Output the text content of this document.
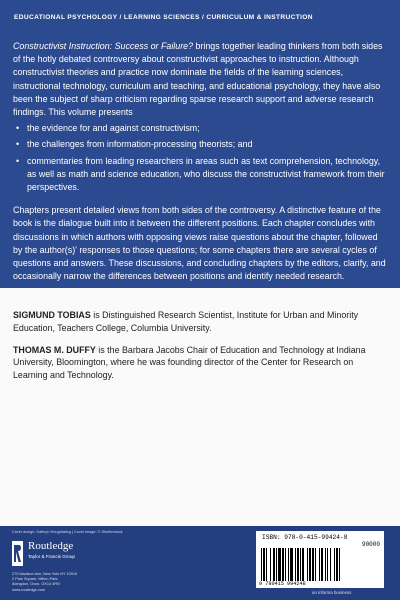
EDUCATIONAL PSYCHOLOGY / LEARNING SCIENCES / CURRICULUM & INSTRUCTION

Constructivist Instruction: Success or Failure? brings together leading thinkers from both sides of the hotly debated controversy about constructivist approaches to instruction. Although constructivist theories and practice now dominate the fields of the learning sciences, instructional technology, curriculum and teaching, and educational psychology, they have also been the subject of sharp criticism regarding sparse research support and adverse research findings. This volume presents

• the evidence for and against constructivism;
• the challenges from information-processing theorists; and
• commentaries from leading researchers in areas such as text comprehension, technology, as well as math and science education, who discuss the constructivist framework from their perspectives.

Chapters present detailed views from both sides of the controversy. A distinctive feature of the book is the dialogue built into it between the different positions. Each chapter concludes with discussions in which authors with opposing views raise questions about the chapter, followed by the author(s)' responses to those questions; for some chapters there are several cycles of questions and answers. These discussions, and concluding chapters by the editors, clarify, and occasionally narrow the differences between positions and identify needed research.

SIGMUND TOBIAS is Distinguished Research Scientist, Institute for Urban and Minority Education, Teachers College, Columbia University.

THOMAS M. DUFFY is the Barbara Jacobs Chair of Education and Technology at Indiana University, Bloomington, where he was founding director of the Center for Research on Learning and Technology.

Cover design: Kathryn Houghtaling | Cover image: © Shutterstock
Routledge
Taylor & Francis Group
270 Madison Ave, New York NY 10016
2 Park Square, Milton Park,
Abingdon, Oxon, OX14 4RN
www.routledge.com
ISBN: 978-0-415-99424-8
90000
9 780415 994248
an informa business
